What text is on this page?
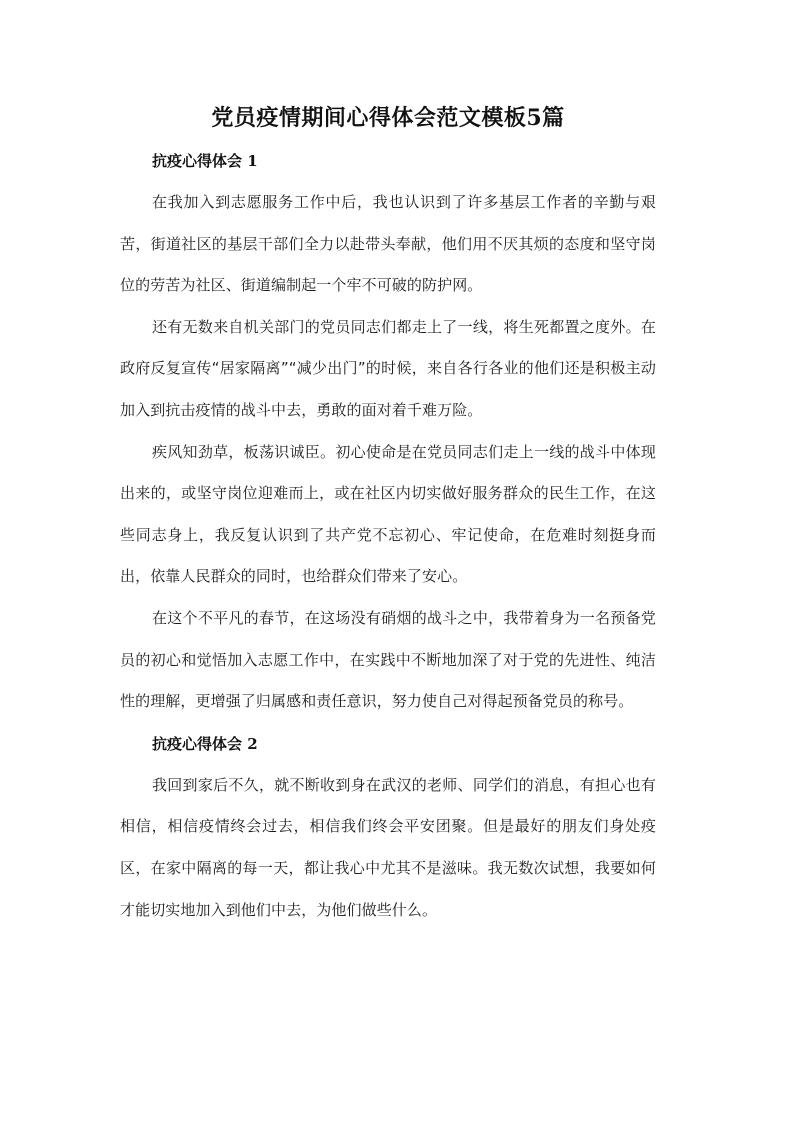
党员疫情期间心得体会范文模板5篇
抗疫心得体会 1

在我加入到志愿服务工作中后，我也认识到了许多基层工作者的辛勤与艰苦，街道社区的基层干部们全力以赴带头奉献，他们用不厌其烦的态度和坚守岗位的劳苦为社区、街道编制起一个牢不可破的防护网。

还有无数来自机关部门的党员同志们都走上了一线，将生死都置之度外。在政府反复宣传“居家隔离”“减少出门”的时候，来自各行各业的他们还是积极主动加入到抗击疫情的战斗中去，勇敢的面对着千难万险。

疾风知劲草，板荡识诚臣。初心使命是在党员同志们走上一线的战斗中体现出来的，或坚守岗位迎难而上，或在社区内切实做好服务群众的民生工作，在这些同志身上，我反复认识到了共产党不忘初心、牢记使命，在危难时刻挺身而出，依靠人民群众的同时，也给群众们带来了安心。

在这个不平凡的春节，在这场没有硝烟的战斗之中，我带着身为一名预备党员的初心和觉悟加入志愿工作中，在实践中不断地加深了对于党的先进性、纯洁性的理解，更增强了归属感和责任意识，努力使自己对得起预备党员的称号。

抗疫心得体会 2

我回到家后不久，就不断收到身在武汉的老师、同学们的消息，有担心也有相信，相信疫情终会过去，相信我们终会平安团聚。但是最好的朋友们身处疫区，在家中隔离的每一天，都让我心中尤其不是滋味。我无数次试想，我要如何才能切实地加入到他们中去，为他们做些什么。
